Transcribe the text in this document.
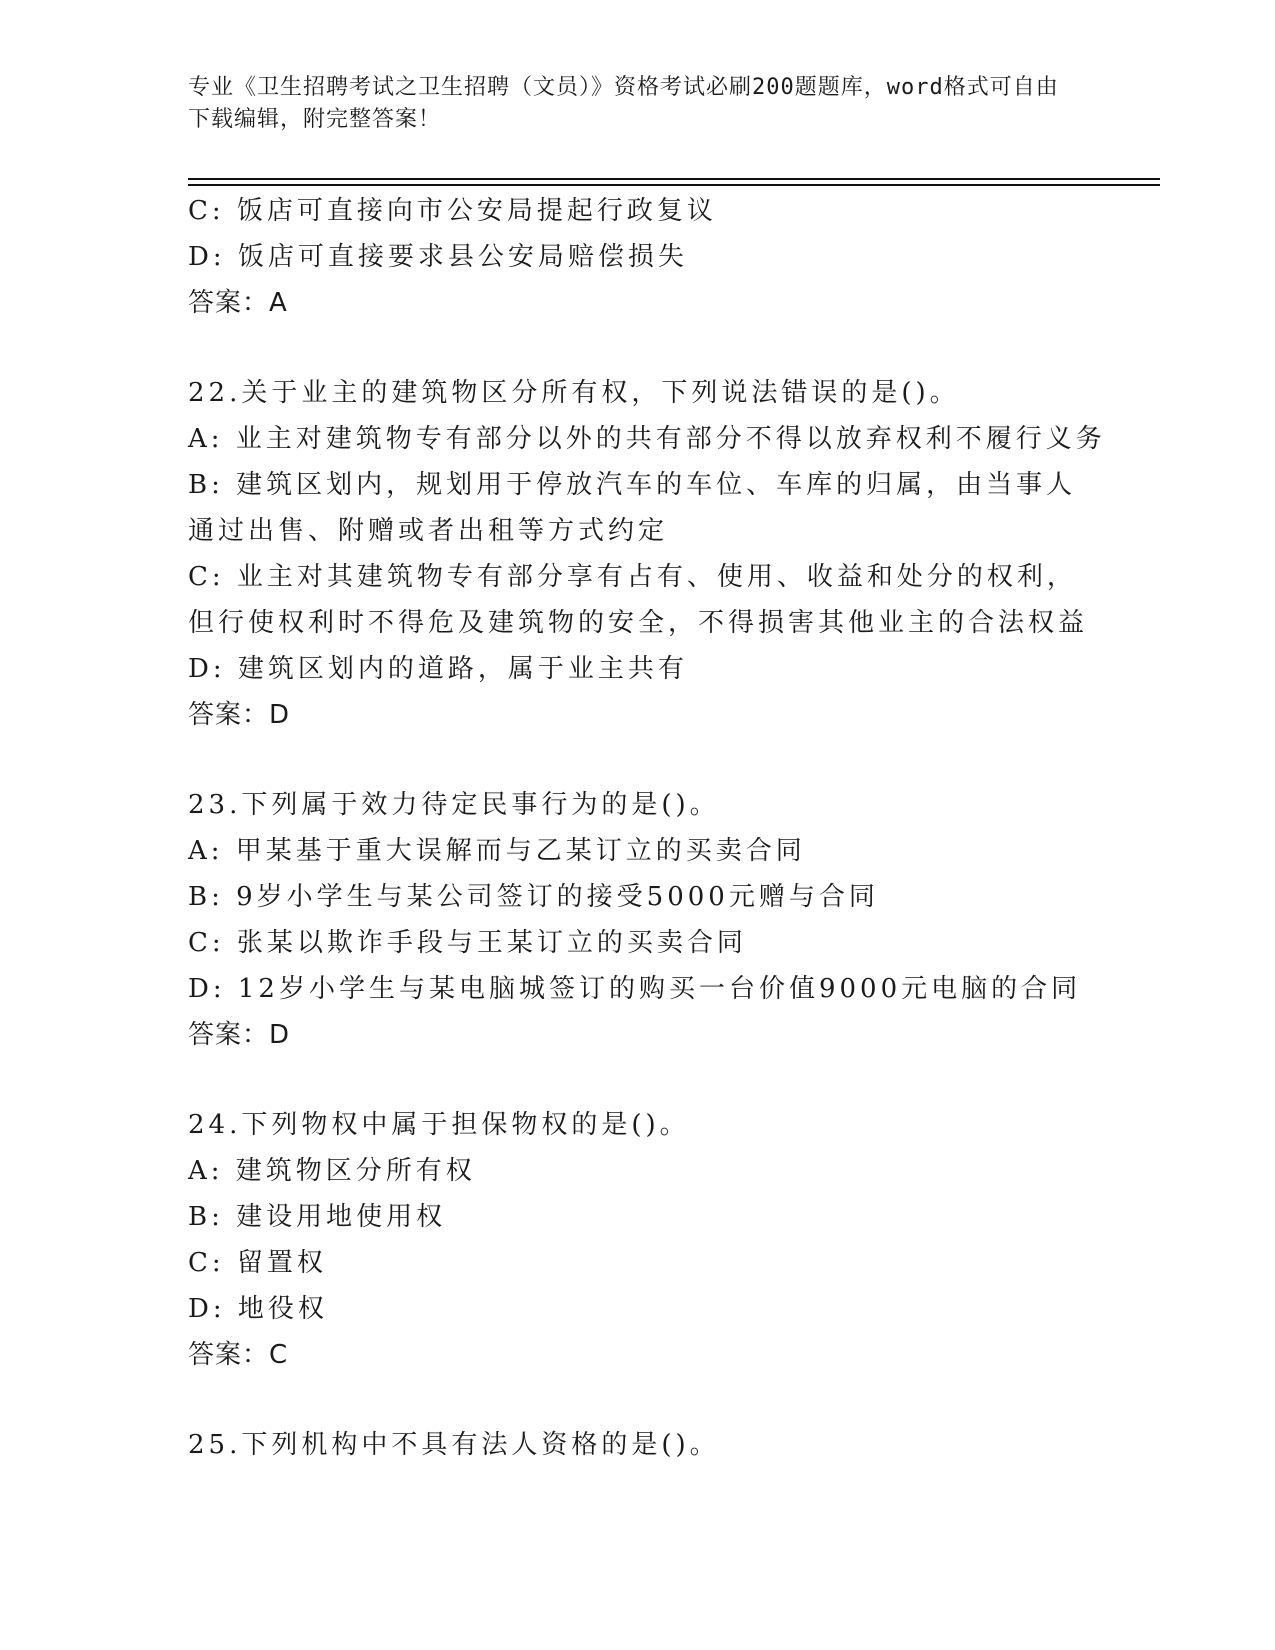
专业《卫生招聘考试之卫生招聘（文员）》资格考试必刷200题题库，word格式可自由下载编辑，附完整答案！
C: 饭店可直接向市公安局提起行政复议
D: 饭店可直接要求县公安局赔偿损失
答案：A
22.关于业主的建筑物区分所有权，下列说法错误的是()。
A: 业主对建筑物专有部分以外的共有部分不得以放弃权利不履行义务
B: 建筑区划内，规划用于停放汽车的车位、车库的归属，由当事人通过出售、附赠或者出租等方式约定
C: 业主对其建筑物专有部分享有占有、使用、收益和处分的权利，但行使权利时不得危及建筑物的安全，不得损害其他业主的合法权益
D: 建筑区划内的道路，属于业主共有
答案：D
23.下列属于效力待定民事行为的是()。
A: 甲某基于重大误解而与乙某订立的买卖合同
B: 9岁小学生与某公司签订的接受5000元赠与合同
C: 张某以欺诈手段与王某订立的买卖合同
D: 12岁小学生与某电脑城签订的购买一台价值9000元电脑的合同
答案：D
24.下列物权中属于担保物权的是()。
A: 建筑物区分所有权
B: 建设用地使用权
C: 留置权
D: 地役权
答案：C
25.下列机构中不具有法人资格的是()。
